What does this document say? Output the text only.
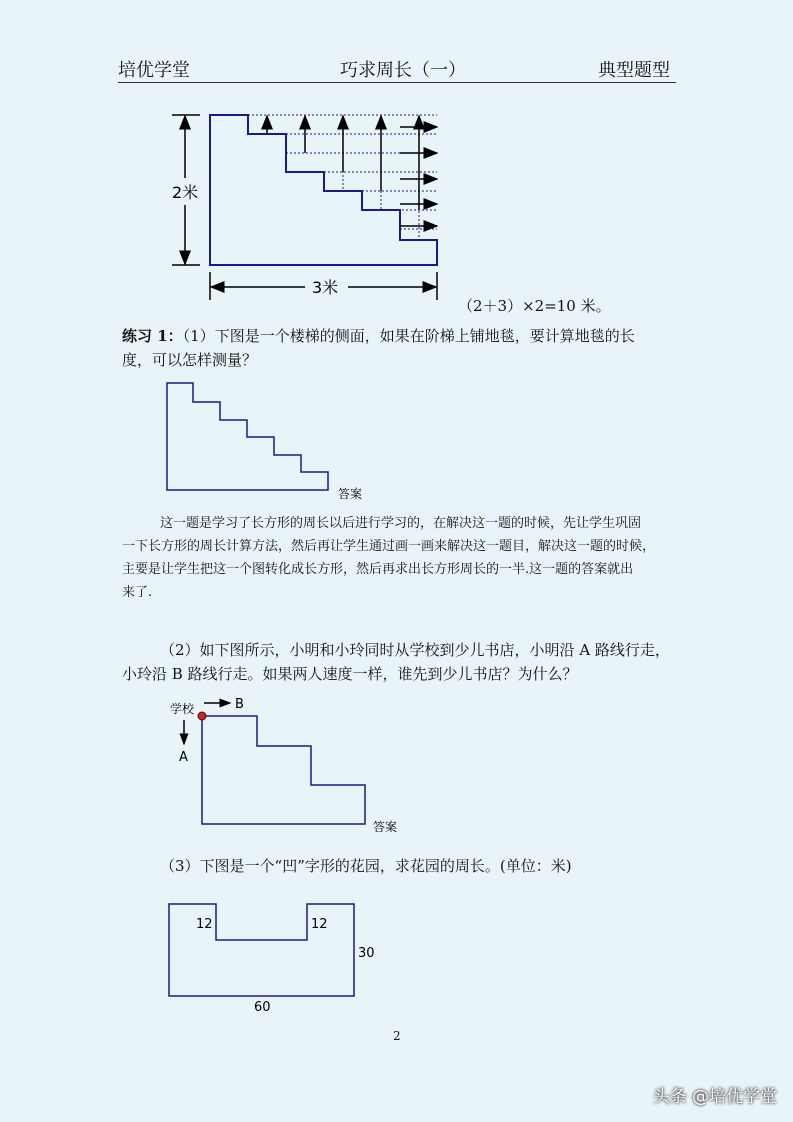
培优学堂	巧求周长（一）	典型题型
2米
3米
（2＋3）×2=10 米。
练习 1：（1）下图是一个楼梯的侧面，如果在阶梯上铺地毯，要计算地毯的长
度，可以怎样测量？
答案
这一题是学习了长方形的周长以后进行学习的，在解决这一题的时候，先让学生巩固
一下长方形的周长计算方法，然后再让学生通过画一画来解决这一题目，解决这一题的时候，
主要是让学生把这一个图转化成长方形，然后再求出长方形周长的一半.这一题的答案就出
来了.
（2）如下图所示，小明和小玲同时从学校到少儿书店，小明沿 A 路线行走，
小玲沿 B 路线行走。如果两人速度一样，谁先到少儿书店？为什么？
学校	B
A
答案
（3）下图是一个“凹”字形的花园，求花园的周长。(单位：米)
12	12
30
60
2
头条 @培优学堂
